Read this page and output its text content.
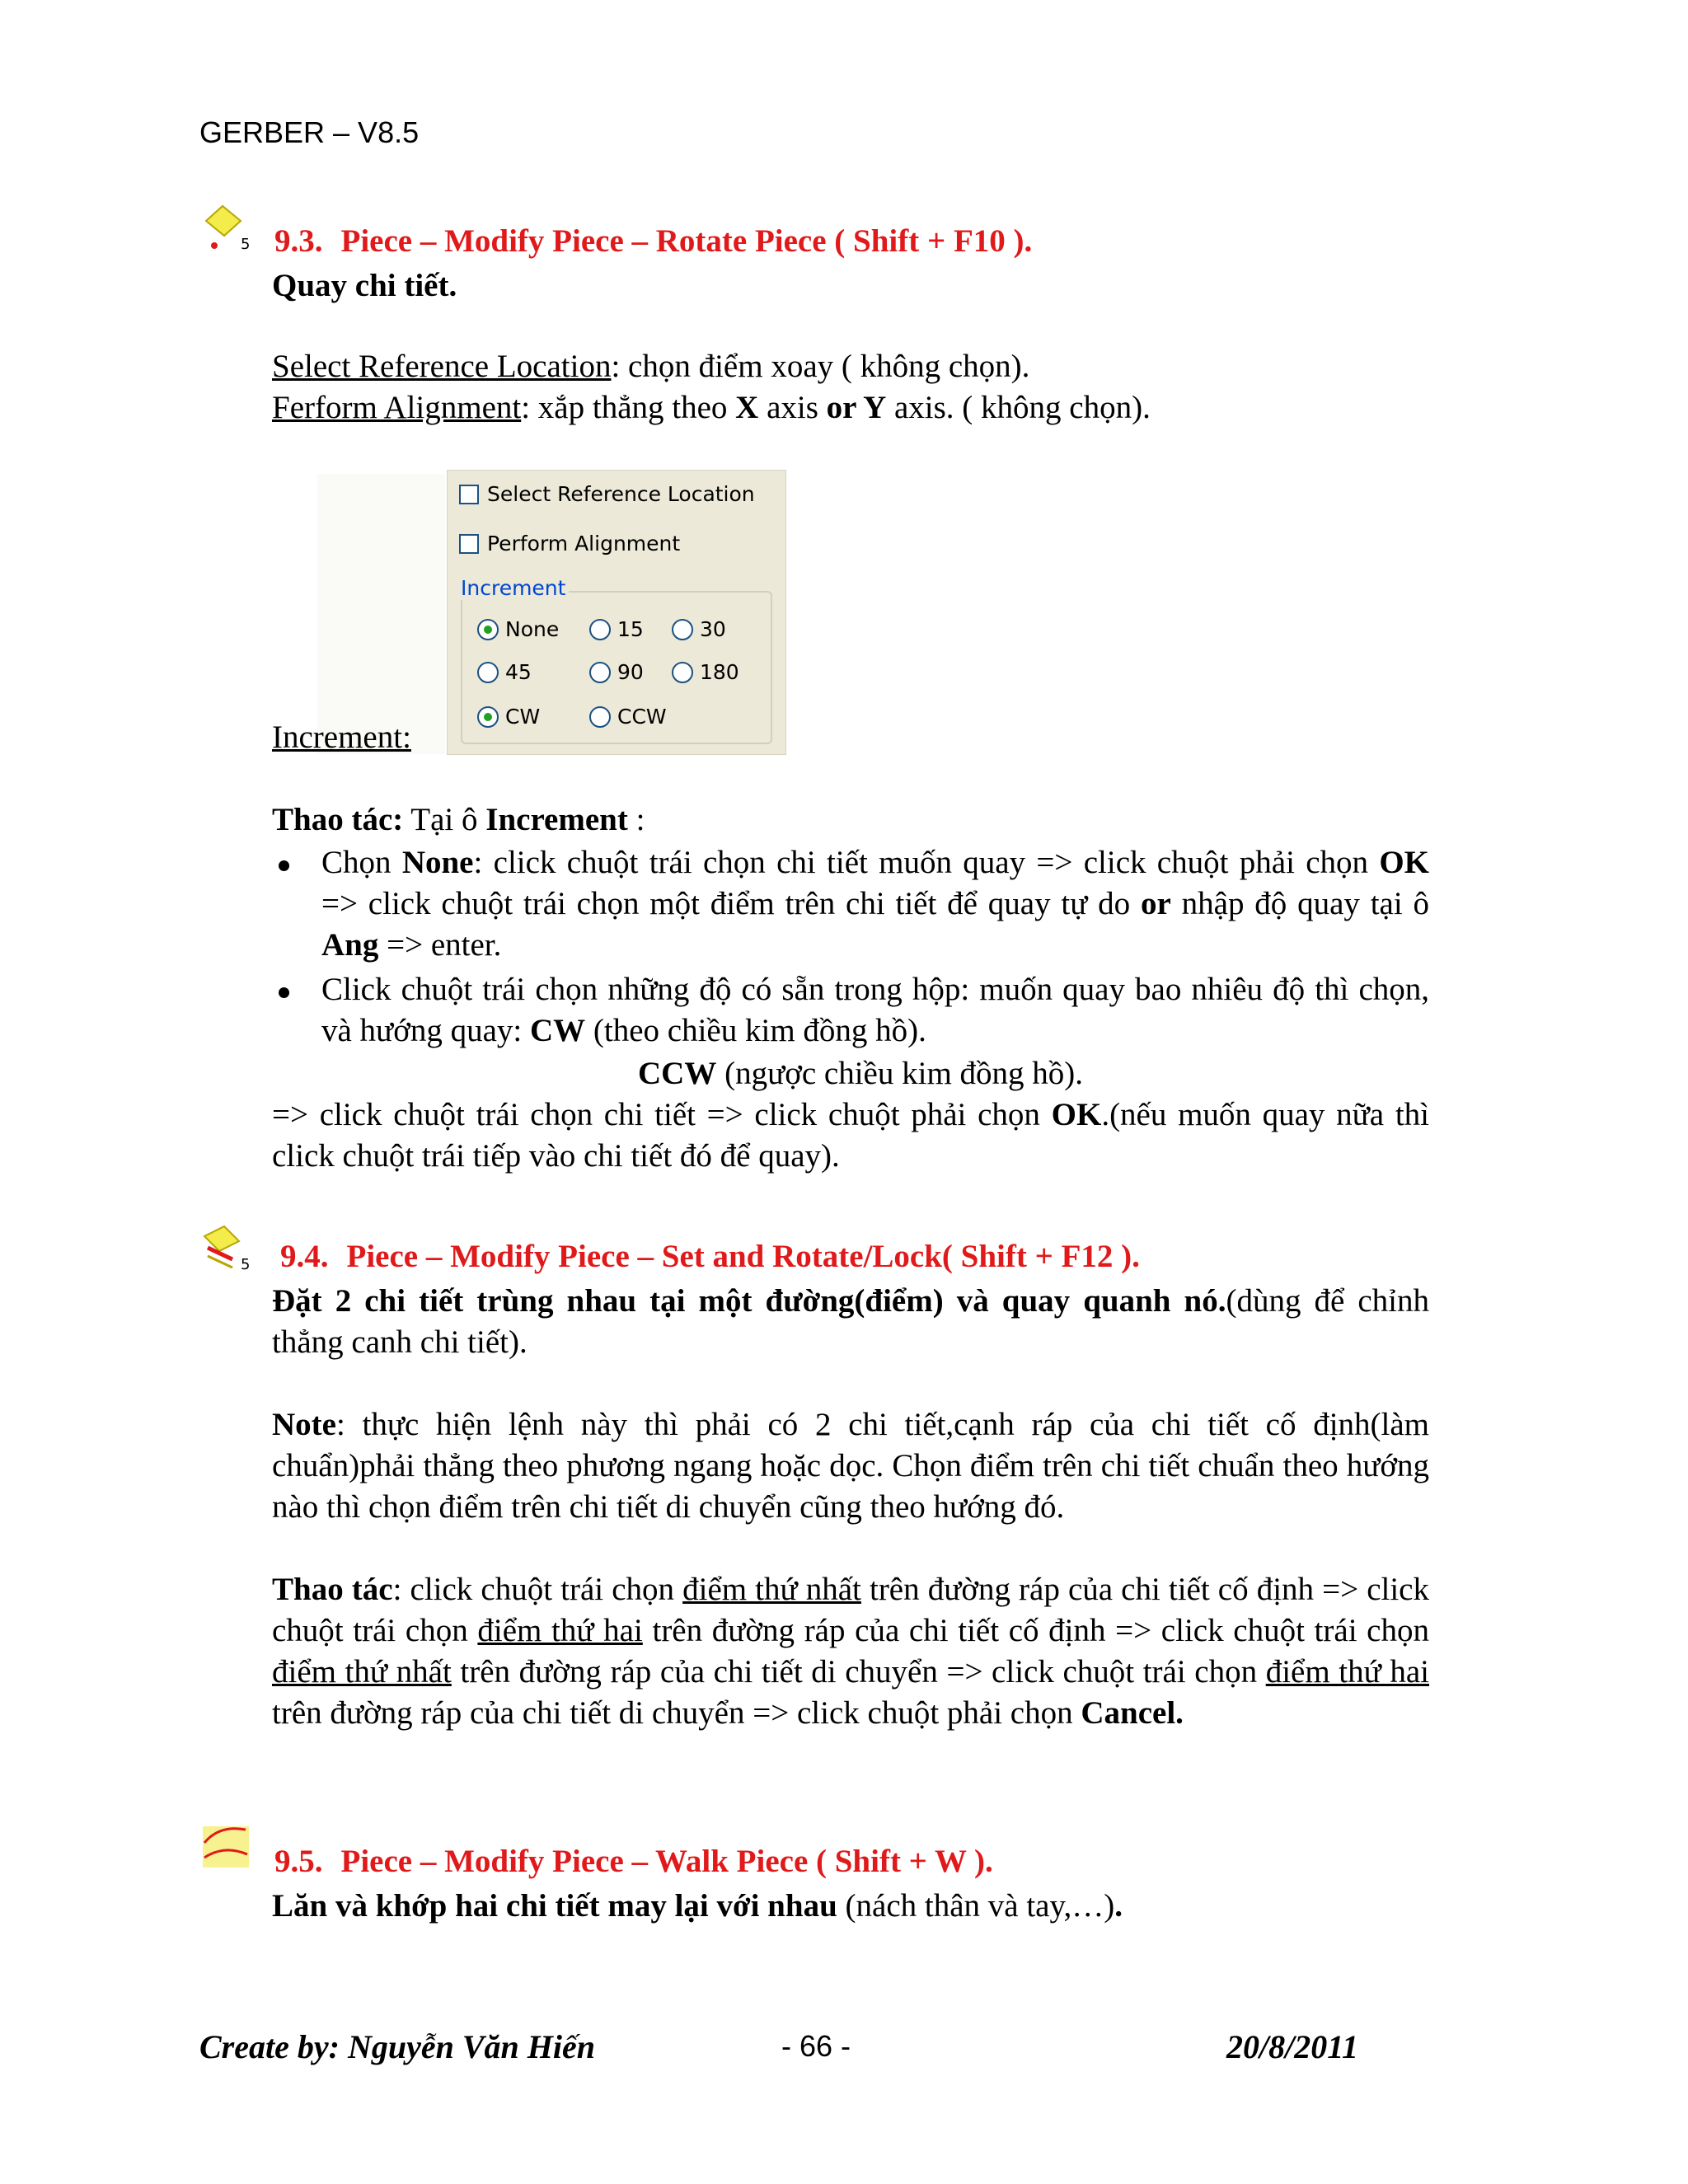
GERBER – V8.5
5 9.3. Piece – Modify Piece – Rotate Piece ( Shift + F10 ).
Quay chi tiết.
Select Reference Location: chọn điểm xoay ( không chọn).
Ferform Alignment: xắp thẳng theo X axis or Y axis. ( không chọn).
Increment:
Select Reference Location
Perform Alignment
Increment
None	15	30
45	90	180
CW	CCW
Thao tác: Tại ô Increment :
Chọn None: click chuột trái chọn chi tiết muốn quay => click chuột phải chọn OK => click chuột trái chọn một điểm trên chi tiết để quay tự do or nhập độ quay tại ô Ang => enter.
Click chuột trái chọn những độ có sẵn trong hộp: muốn quay bao nhiêu độ thì chọn, và hướng quay: CW (theo chiều kim đồng hồ).
CCW (ngược chiều kim đồng hồ).
=> click chuột trái chọn chi tiết => click chuột phải chọn OK.(nếu muốn quay nữa thì click chuột trái tiếp vào chi tiết đó để quay).
5 9.4. Piece – Modify Piece – Set and Rotate/Lock( Shift + F12 ).
Đặt 2 chi tiết trùng nhau tại một đường(điểm) và quay quanh nó.(dùng để chỉnh thẳng canh chi tiết).
Note: thực hiện lệnh này thì phải có 2 chi tiết,cạnh ráp của chi tiết cố định(làm chuẩn)phải thẳng theo phương ngang hoặc dọc. Chọn điểm trên chi tiết chuẩn theo hướng nào thì chọn điểm trên chi tiết di chuyển cũng theo hướng đó.
Thao tác: click chuột trái chọn điểm thứ nhất trên đường ráp của chi tiết cố định => click chuột trái chọn điểm thứ hai trên đường ráp của chi tiết cố định => click chuột trái chọn điểm thứ nhất trên đường ráp của chi tiết di chuyển => click chuột trái chọn điểm thứ hai trên đường ráp của chi tiết di chuyển => click chuột phải chọn Cancel.
9.5. Piece – Modify Piece – Walk Piece ( Shift + W ).
Lăn và khớp hai chi tiết may lại với nhau (nách thân và tay,…).
Create by: Nguyễn Văn Hiến	- 66 -	20/8/2011
